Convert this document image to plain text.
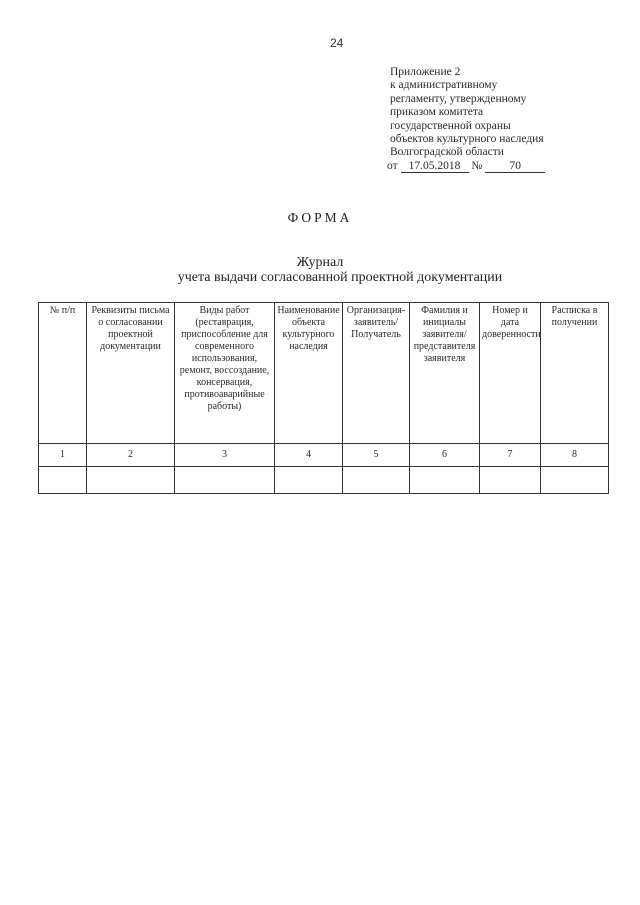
24
Приложение 2
к административному
регламенту, утвержденному
приказом комитета
государственной охраны
объектов культурного наследия
Волгоградской области
от 17.05.2018 № 70
ФОРМА
Журнал
учета выдачи согласованной проектной документации
№ п/п	Реквизиты письма о согласовании проектной документации	Виды работ (реставрация, приспособление для современного использования, ремонт, воссоздание, консервация, противоаварийные работы)	Наименование объекта культурного наследия	Организация-заявитель/ Получатель	Фамилия и инициалы заявителя/ представителя заявителя	Номер и дата доверенности	Расписка в получении
1	2	3	4	5	6	7	8
